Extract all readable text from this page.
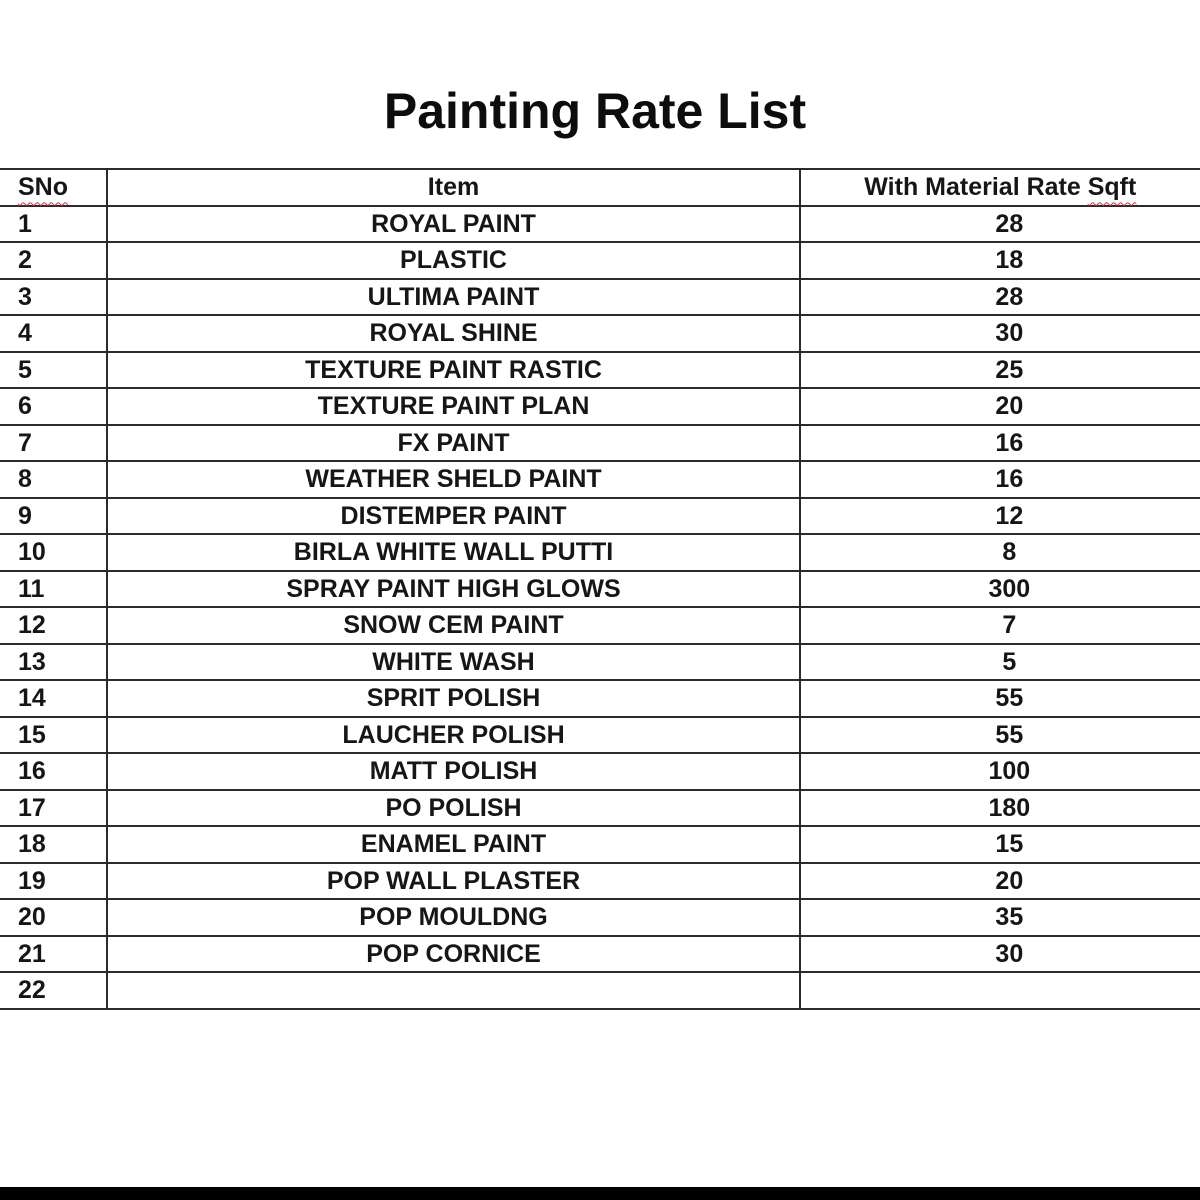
Painting Rate List
SNo	Item	With Material Rate Sqft
1	ROYAL PAINT	28
2	PLASTIC	18
3	ULTIMA PAINT	28
4	ROYAL SHINE	30
5	TEXTURE PAINT RASTIC	25
6	TEXTURE PAINT PLAN	20
7	FX PAINT	16
8	WEATHER SHELD PAINT	16
9	DISTEMPER PAINT	12
10	BIRLA WHITE WALL PUTTI	8
11	SPRAY PAINT HIGH GLOWS	300
12	SNOW CEM PAINT	7
13	WHITE WASH	5
14	SPRIT POLISH	55
15	LAUCHER POLISH	55
16	MATT POLISH	100
17	PO POLISH	180
18	ENAMEL PAINT	15
19	POP WALL PLASTER	20
20	POP MOULDNG	35
21	POP CORNICE	30
22		
